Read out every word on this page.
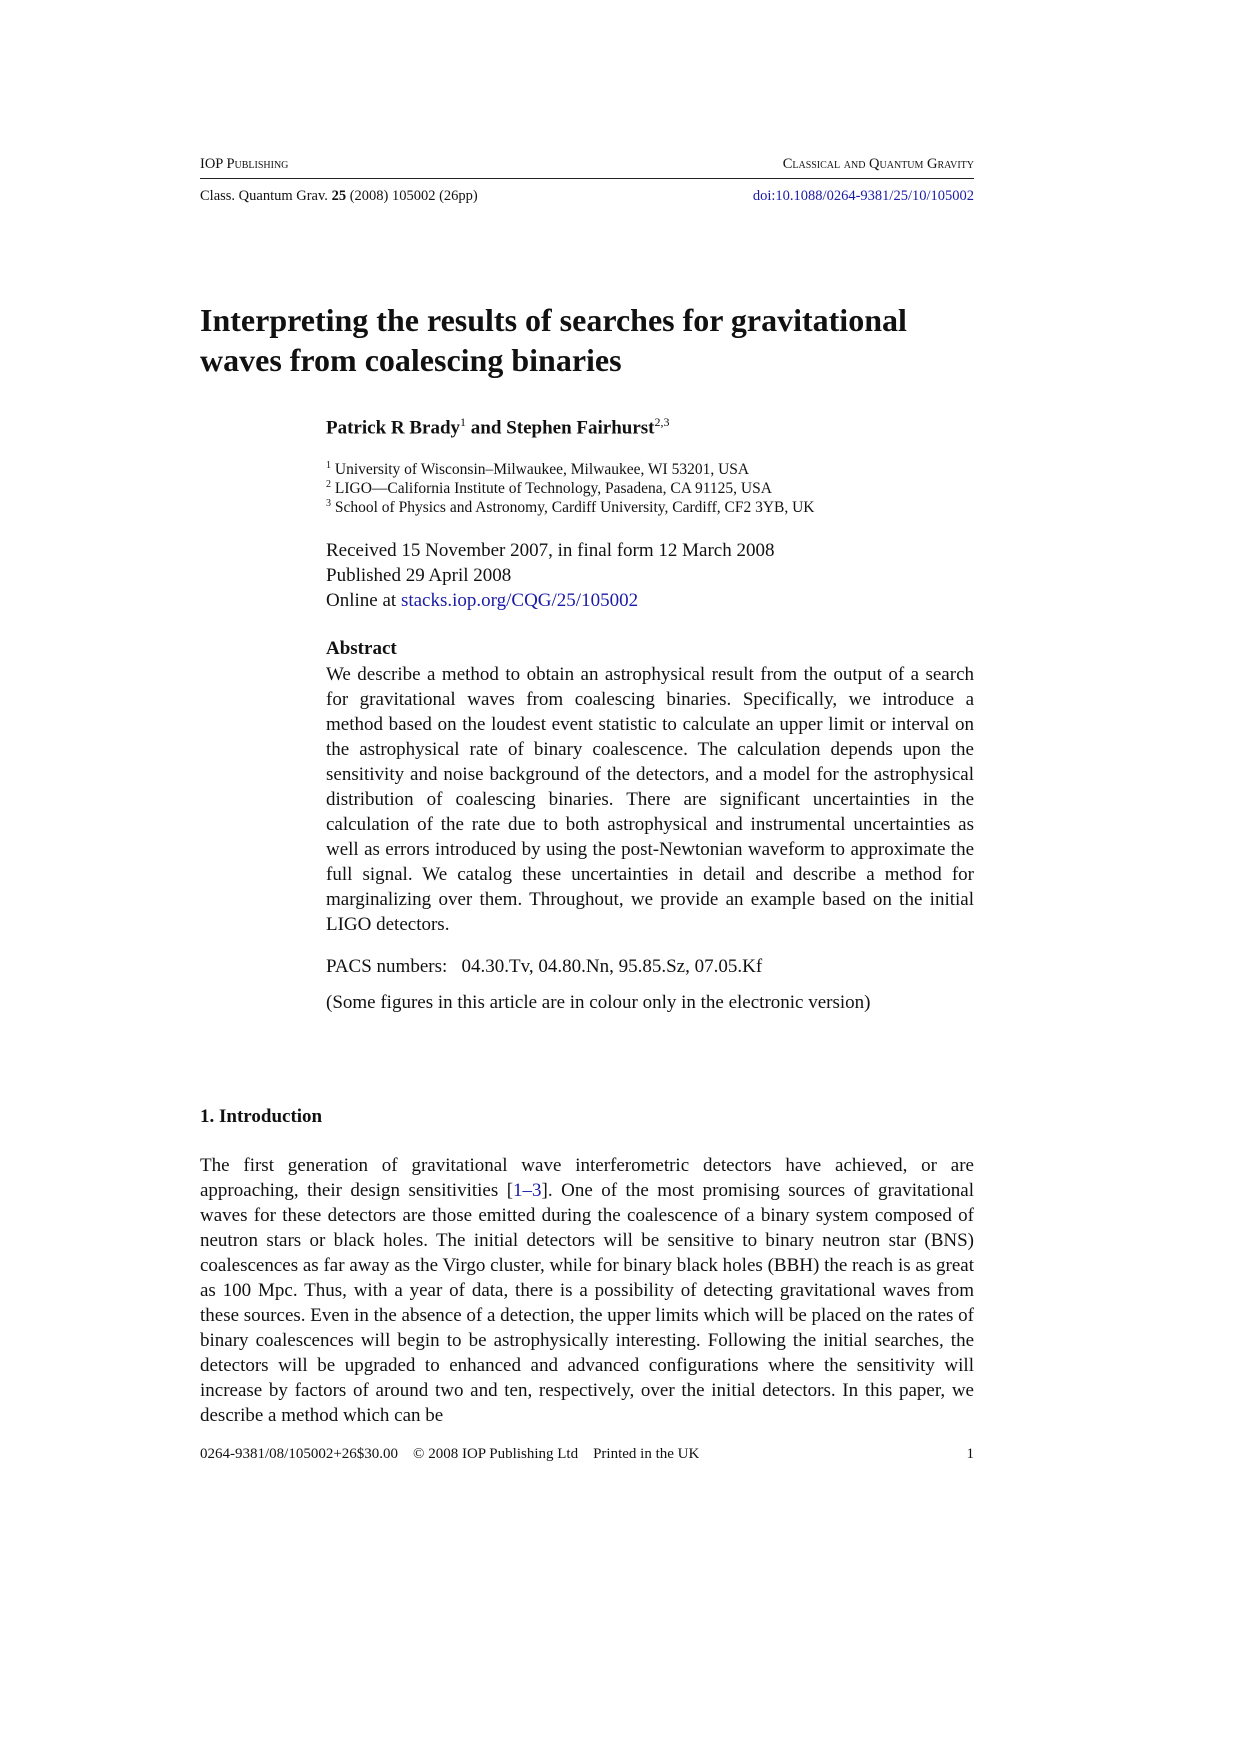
IOP Publishing	Classical and Quantum Gravity
Class. Quantum Grav. 25 (2008) 105002 (26pp)	doi:10.1088/0264-9381/25/10/105002
Interpreting the results of searches for gravitational waves from coalescing binaries
Patrick R Brady$^1$ and Stephen Fairhurst$^{2,3}$
$^1$ University of Wisconsin–Milwaukee, Milwaukee, WI 53201, USA
$^2$ LIGO—California Institute of Technology, Pasadena, CA 91125, USA
$^3$ School of Physics and Astronomy, Cardiff University, Cardiff, CF2 3YB, UK
Received 15 November 2007, in final form 12 March 2008
Published 29 April 2008
Online at stacks.iop.org/CQG/25/105002
Abstract
We describe a method to obtain an astrophysical result from the output of a search for gravitational waves from coalescing binaries. Specifically, we introduce a method based on the loudest event statistic to calculate an upper limit or interval on the astrophysical rate of binary coalescence. The calculation depends upon the sensitivity and noise background of the detectors, and a model for the astrophysical distribution of coalescing binaries. There are significant uncertainties in the calculation of the rate due to both astrophysical and instrumental uncertainties as well as errors introduced by using the post-Newtonian waveform to approximate the full signal. We catalog these uncertainties in detail and describe a method for marginalizing over them. Throughout, we provide an example based on the initial LIGO detectors.
PACS numbers: 04.30.Tv, 04.80.Nn, 95.85.Sz, 07.05.Kf
(Some figures in this article are in colour only in the electronic version)
1. Introduction
The first generation of gravitational wave interferometric detectors have achieved, or are approaching, their design sensitivities [1–3]. One of the most promising sources of gravitational waves for these detectors are those emitted during the coalescence of a binary system composed of neutron stars or black holes. The initial detectors will be sensitive to binary neutron star (BNS) coalescences as far away as the Virgo cluster, while for binary black holes (BBH) the reach is as great as 100 Mpc. Thus, with a year of data, there is a possibility of detecting gravitational waves from these sources. Even in the absence of a detection, the upper limits which will be placed on the rates of binary coalescences will begin to be astrophysically interesting. Following the initial searches, the detectors will be upgraded to enhanced and advanced configurations where the sensitivity will increase by factors of around two and ten, respectively, over the initial detectors. In this paper, we describe a method which can be
0264-9381/08/105002+26$30.00 © 2008 IOP Publishing Ltd Printed in the UK	1
